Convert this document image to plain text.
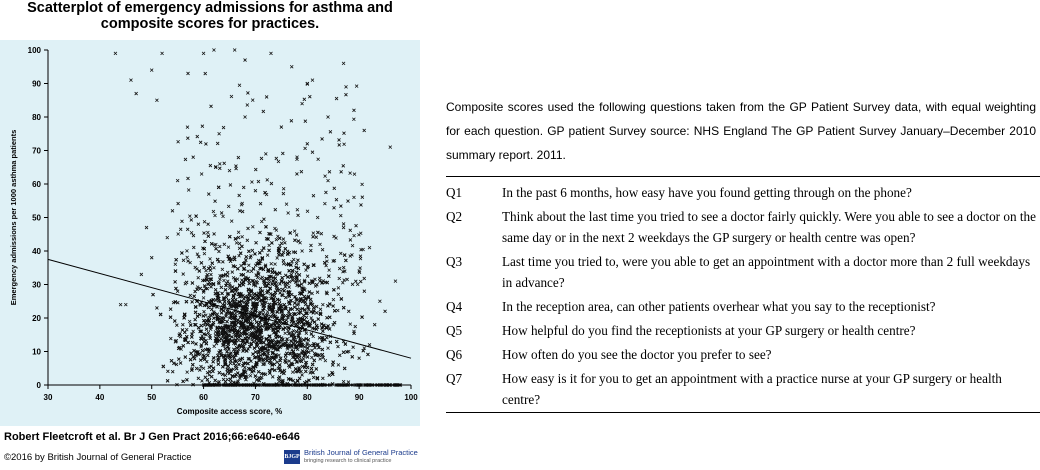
Scatterplot of emergency admissions for asthma and composite scores for practices.
30	40	50	60	70	80	90	100
0
10
20
30
40
50
60
70
80
90
100
Composite access score, %
Emergency admissions per 1000 asthma patients
Robert Fleetcroft et al. Br J Gen Pract 2016;66:e640-e646
©2016 by British Journal of General Practice	BJGP British Journal of General Practice
bringing research to clinical practice
Composite scores used the following questions taken from the GP Patient Survey data, with equal weighting for each question. GP patient Survey source: NHS England The GP Patient Survey January–December 2010 summary report. 2011.
Q1	In the past 6 months, how easy have you found getting through on the phone?
Q2	Think about the last time you tried to see a doctor fairly quickly. Were you able to see a doctor on the same day or in the next 2 weekdays the GP surgery or health centre was open?
Q3	Last time you tried to, were you able to get an appointment with a doctor more than 2 full weekdays in advance?
Q4	In the reception area, can other patients overhear what you say to the receptionist?
Q5	How helpful do you find the receptionists at your GP surgery or health centre?
Q6	How often do you see the doctor you prefer to see?
Q7	How easy is it for you to get an appointment with a practice nurse at your GP surgery or health centre?
